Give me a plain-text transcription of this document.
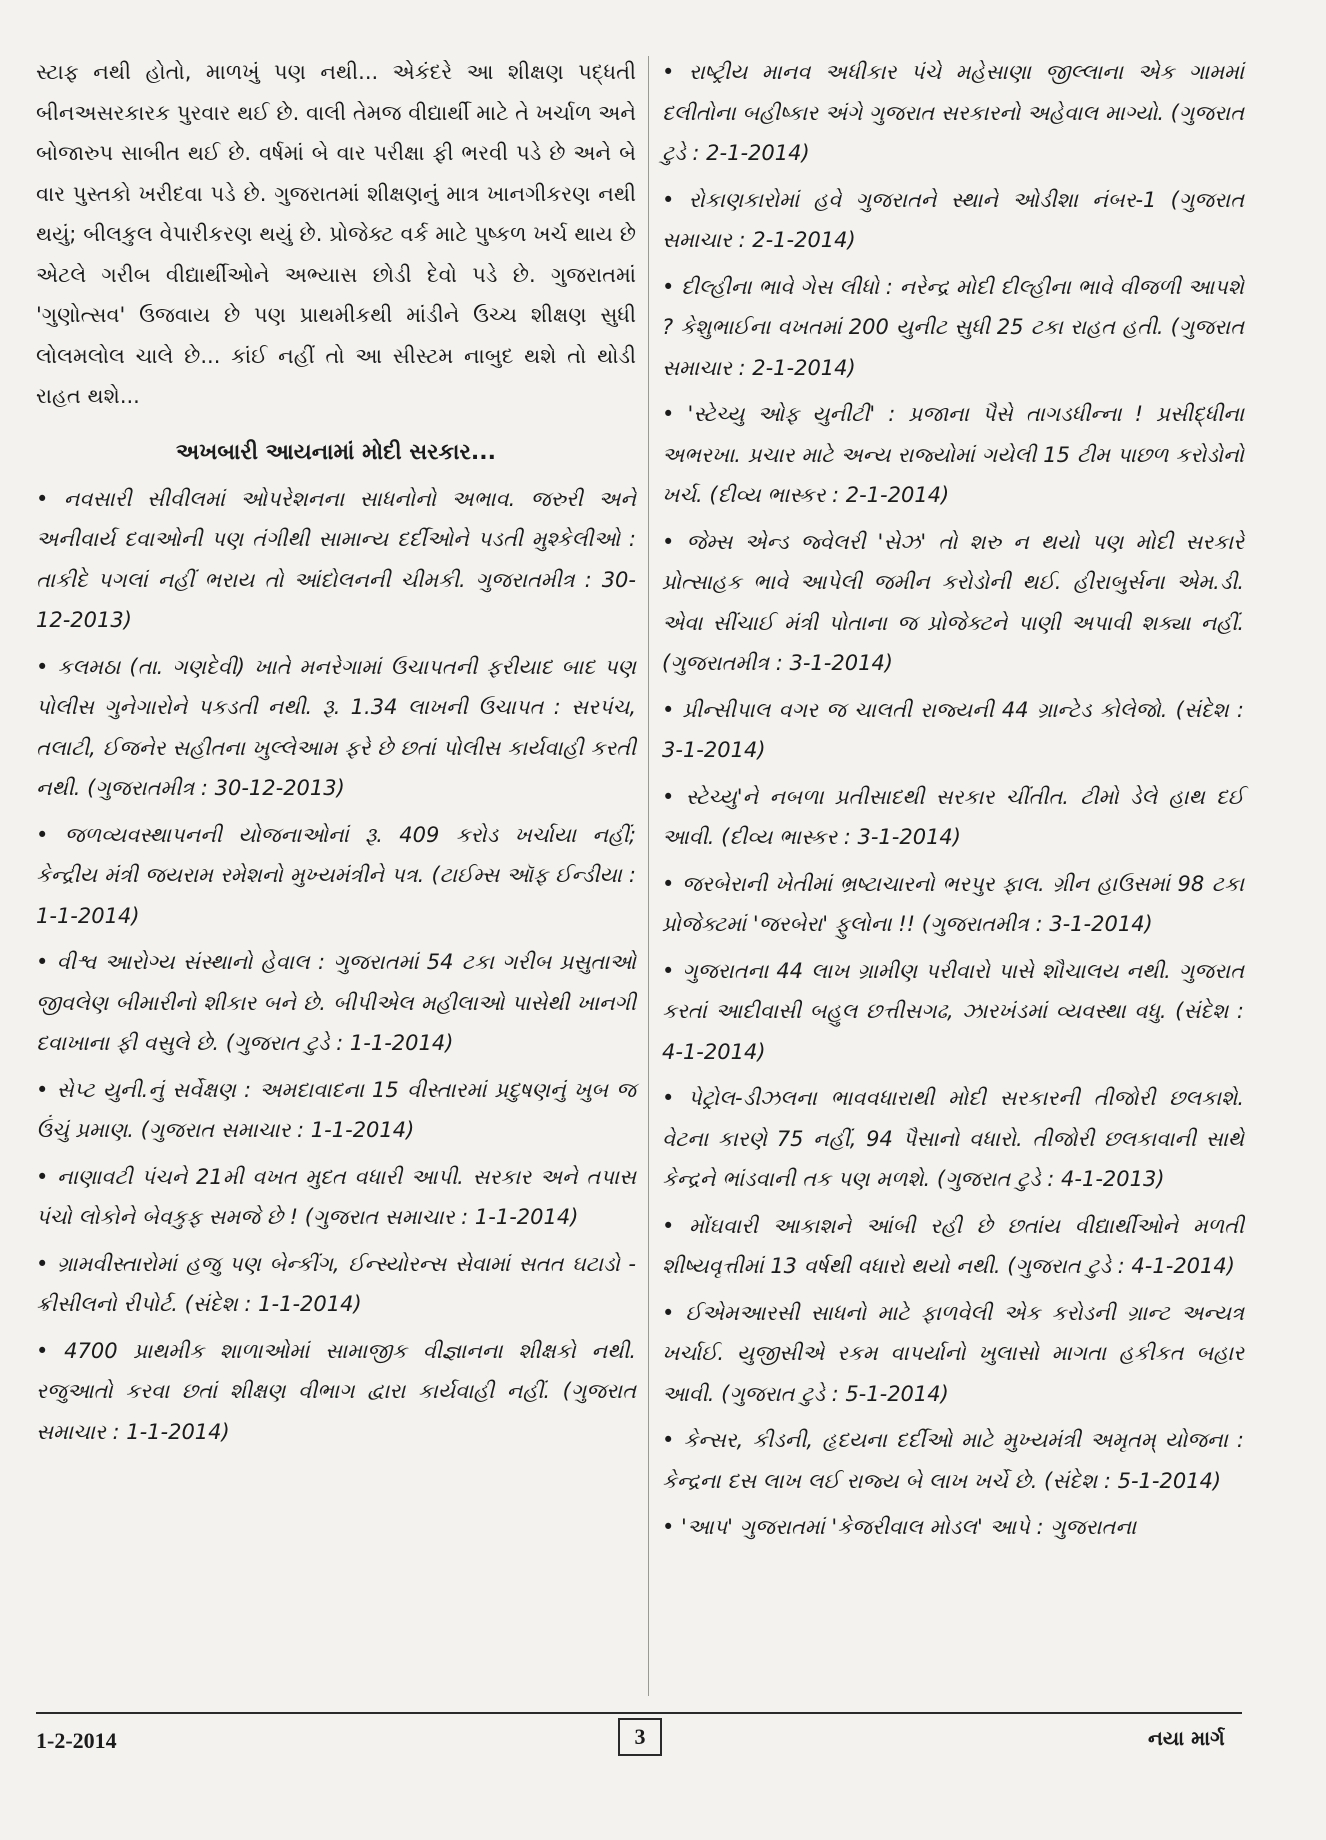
સ્ટાફ નથી હોતો, માળખું પણ નથી... એકંદરે આ શીક્ષણ પદ્ધતી બીનઅસરકારક પુરવાર થઈ છે. વાલી તેમજ વીદ્યાર્થી માટે તે ખર્ચાળ અને બોજારુપ સાબીત થઈ છે. વર્ષમાં બે વાર પરીક્ષા ફી ભરવી પડે છે અને બે વાર પુસ્તકો ખરીદવા પડે છે. ગુજરાતમાં શીક્ષણનું માત્ર ખાનગીકરણ નથી થયું; બીલકુલ વેપારીકરણ થયું છે. પ્રોજેક્ટ વર્ક માટે પુષ્કળ ખર્ચ થાય છે એટલે ગરીબ વીદ્યાર્થીઓને અભ્યાસ છોડી દેવો પડે છે. ગુજરાતમાં 'ગુણોત્સવ' ઉજવાય છે પણ પ્રાથમીકથી માંડીને ઉચ્ચ શીક્ષણ સુધી લોલમલોલ ચાલે છે... કાંઈ નહીં તો આ સીસ્ટમ નાબુદ થશે તો થોડી રાહત થશે...

અખબારી આયનામાં મોદી સરકાર...

• નવસારી સીવીલમાં ઓપરેશનના સાધનોનો અભાવ. જરુરી અને અનીવાર્ય દવાઓની પણ તંગીથી સામાન્ય દર્દીઓને પડતી મુશ્કેલીઓ : તાકીદે પગલાં નહીં ભરાય તો આંદોલનની ચીમકી. ગુજરાતમીત્ર : 30-12-2013)

• કલમઠા (તા. ગણદેવી) ખાતે મનરેગામાં ઉચાપતની ફરીયાદ બાદ પણ પોલીસ ગુનેગારોને પકડતી નથી. રૂ. 1.34 લાખની ઉચાપત : સરપંચ, તલાટી, ઈજનેર સહીતના ખુલ્લેઆમ ફરે છે છતાં પોલીસ કાર્યવાહી કરતી નથી. (ગુજરાતમીત્ર : 30-12-2013)

• જળવ્યવસ્થાપનની યોજનાઓનાં રૂ. 409 કરોડ ખર્ચાયા નહીં; કેન્દ્રીય મંત્રી જયરામ રમેશનો મુખ્યમંત્રીને પત્ર. (ટાઈમ્સ ઑફ ઈન્ડીયા : 1-1-2014)

• વીશ્વ આરોગ્ય સંસ્થાનો હેવાલ : ગુજરાતમાં 54 ટકા ગરીબ પ્રસુતાઓ જીવલેણ બીમારીનો શીકાર બને છે. બીપીએલ મહીલાઓ પાસેથી ખાનગી દવાખાના ફી વસુલે છે. (ગુજરાત ટુડે : 1-1-2014)

• સેપ્ટ યુની.નું સર્વેક્ષણ : અમદાવાદના 15 વીસ્તારમાં પ્રદુષણનું ખુબ જ ઉંચું પ્રમાણ. (ગુજરાત સમાચાર : 1-1-2014)

• નાણાવટી પંચને 21મી વખત મુદત વધારી આપી. સરકાર અને તપાસ પંચો લોકોને બેવકુફ સમજે છે ! (ગુજરાત સમાચાર : 1-1-2014)

• ગ્રામવીસ્તારોમાં હજુ પણ બેન્કીંગ, ઈન્સ્યોરન્સ સેવામાં સતત ઘટાડો - ક્રીસીલનો રીપોર્ટ. (સંદેશ : 1-1-2014)

• 4700 પ્રાથમીક શાળાઓમાં સામાજીક વીજ્ઞાનના શીક્ષકો નથી. રજુઆતો કરવા છતાં શીક્ષણ વીભાગ દ્વારા કાર્યવાહી નહીં. (ગુજરાત સમાચાર : 1-1-2014)

• રાષ્ટ્રીય માનવ અધીકાર પંચે મહેસાણા જીલ્લાના એક ગામમાં દલીતોના બહીષ્કાર અંગે ગુજરાત સરકારનો અહેવાલ માગ્યો. (ગુજરાત ટુડે : 2-1-2014)

• રોકાણકારોમાં હવે ગુજરાતને સ્થાને ઓડીશા નંબર-1 (ગુજરાત સમાચાર : 2-1-2014)

• દીલ્હીના ભાવે ગેસ લીધો : નરેન્દ્ર મોદી દીલ્હીના ભાવે વીજળી આપશે ? કેશુભાઈના વખતમાં 200 યુનીટ સુધી 25 ટકા રાહત હતી. (ગુજરાત સમાચાર : 2-1-2014)

• 'સ્ટેચ્યુ ઓફ યુનીટી' : પ્રજાના પૈસે તાગડધીન્ના ! પ્રસીદ્ધીના અભરખા. પ્રચાર માટે અન્ય રાજ્યોમાં ગયેલી 15 ટીમ પાછળ કરોડોનો ખર્ચ. (દીવ્ય ભાસ્કર : 2-1-2014)

• જેમ્સ એન્ડ જ્વેલરી 'સેઝ' તો શરુ ન થયો પણ મોદી સરકારે પ્રોત્સાહક ભાવે આપેલી જમીન કરોડોની થઈ. હીરાબુર્સના એમ.ડી. એવા સીંચાઈ મંત્રી પોતાના જ પ્રોજેક્ટને પાણી અપાવી શક્યા નહીં. (ગુજરાતમીત્ર : 3-1-2014)

• પ્રીન્સીપાલ વગર જ ચાલતી રાજ્યની 44 ગ્રાન્ટેડ કોલેજો. (સંદેશ : 3-1-2014)

• સ્ટેચ્યુ'ને નબળા પ્રતીસાદથી સરકાર ચીંતીત. ટીમો ડેલે હાથ દઈ આવી. (દીવ્ય ભાસ્કર : 3-1-2014)

• જરબેરાની ખેતીમાં ભ્રષ્ટાચારનો ભરપુર ફાલ. ગ્રીન હાઉસમાં 98 ટકા પ્રોજેક્ટમાં 'જરબેરા' ફુલોના !! (ગુજરાતમીત્ર : 3-1-2014)

• ગુજરાતના 44 લાખ ગ્રામીણ પરીવારો પાસે શૌચાલય નથી. ગુજરાત કરતાં આદીવાસી બહુલ છત્તીસગઢ, ઝારખંડમાં વ્યવસ્થા વધુ. (સંદેશ : 4-1-2014)

• પેટ્રોલ-ડીઝલના ભાવવધારાથી મોદી સરકારની તીજોરી છલકાશે. વેટના કારણે 75 નહીં, 94 પૈસાનો વધારો. તીજોરી છલકાવાની સાથે કેન્દ્રને ભાંડવાની તક પણ મળશે. (ગુજરાત ટુડે : 4-1-2013)

• મોંઘવારી આકાશને આંબી રહી છે છતાંય વીદ્યાર્થીઓને મળતી શીષ્યવૃત્તીમાં 13 વર્ષથી વધારો થયો નથી. (ગુજરાત ટુડે : 4-1-2014)

• ઈએમઆરસી સાધનો માટે ફાળવેલી એક કરોડની ગ્રાન્ટ અન્યત્ર ખર્ચાઈ. યુજીસીએ રકમ વાપર્યાનો ખુલાસો માગતા હકીકત બહાર આવી. (ગુજરાત ટુડે : 5-1-2014)

• કેન્સર, કીડની, હૃદયના દર્દીઓ માટે મુખ્યમંત્રી અમૃતમ્ યોજના : કેન્દ્રના દસ લાખ લઈ રાજ્ય બે લાખ ખર્ચે છે. (સંદેશ : 5-1-2014)

• 'આપ' ગુજરાતમાં 'કેજરીવાલ મોડલ' આપે : ગુજરાતના

1-2-2014	3	નયા માર્ગ
